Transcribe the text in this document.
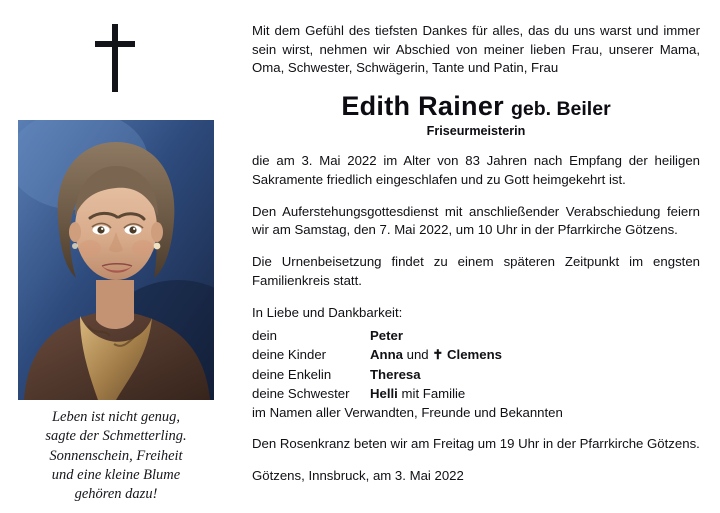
Leben ist nicht genug,
sagte der Schmetterling.
Sonnenschein, Freiheit
und eine kleine Blume
gehören dazu!

Mit dem Gefühl des tiefsten Dankes für alles, das du uns warst und immer sein wirst, nehmen wir Abschied von meiner lieben Frau, unserer Mama, Oma, Schwester, Schwägerin, Tante und Patin, Frau

Edith Rainer geb. Beiler
Friseurmeisterin

die am 3. Mai 2022 im Alter von 83 Jahren nach Empfang der heiligen Sakramente friedlich eingeschlafen und zu Gott heimgekehrt ist.

Den Auferstehungsgottesdienst mit anschließender Verabschiedung feiern wir am Samstag, den 7. Mai 2022, um 10 Uhr in der Pfarrkirche Götzens.

Die Urnenbeisetzung findet zu einem späteren Zeitpunkt im engsten Familienkreis statt.

In Liebe und Dankbarkeit:

dein	Peter
deine Kinder	Anna und ✝ Clemens
deine Enkelin	Theresa
deine Schwester	Helli mit Familie
im Namen aller Verwandten, Freunde und Bekannten

Den Rosenkranz beten wir am Freitag um 19 Uhr in der Pfarrkirche Götzens.

Götzens, Innsbruck, am 3. Mai 2022
